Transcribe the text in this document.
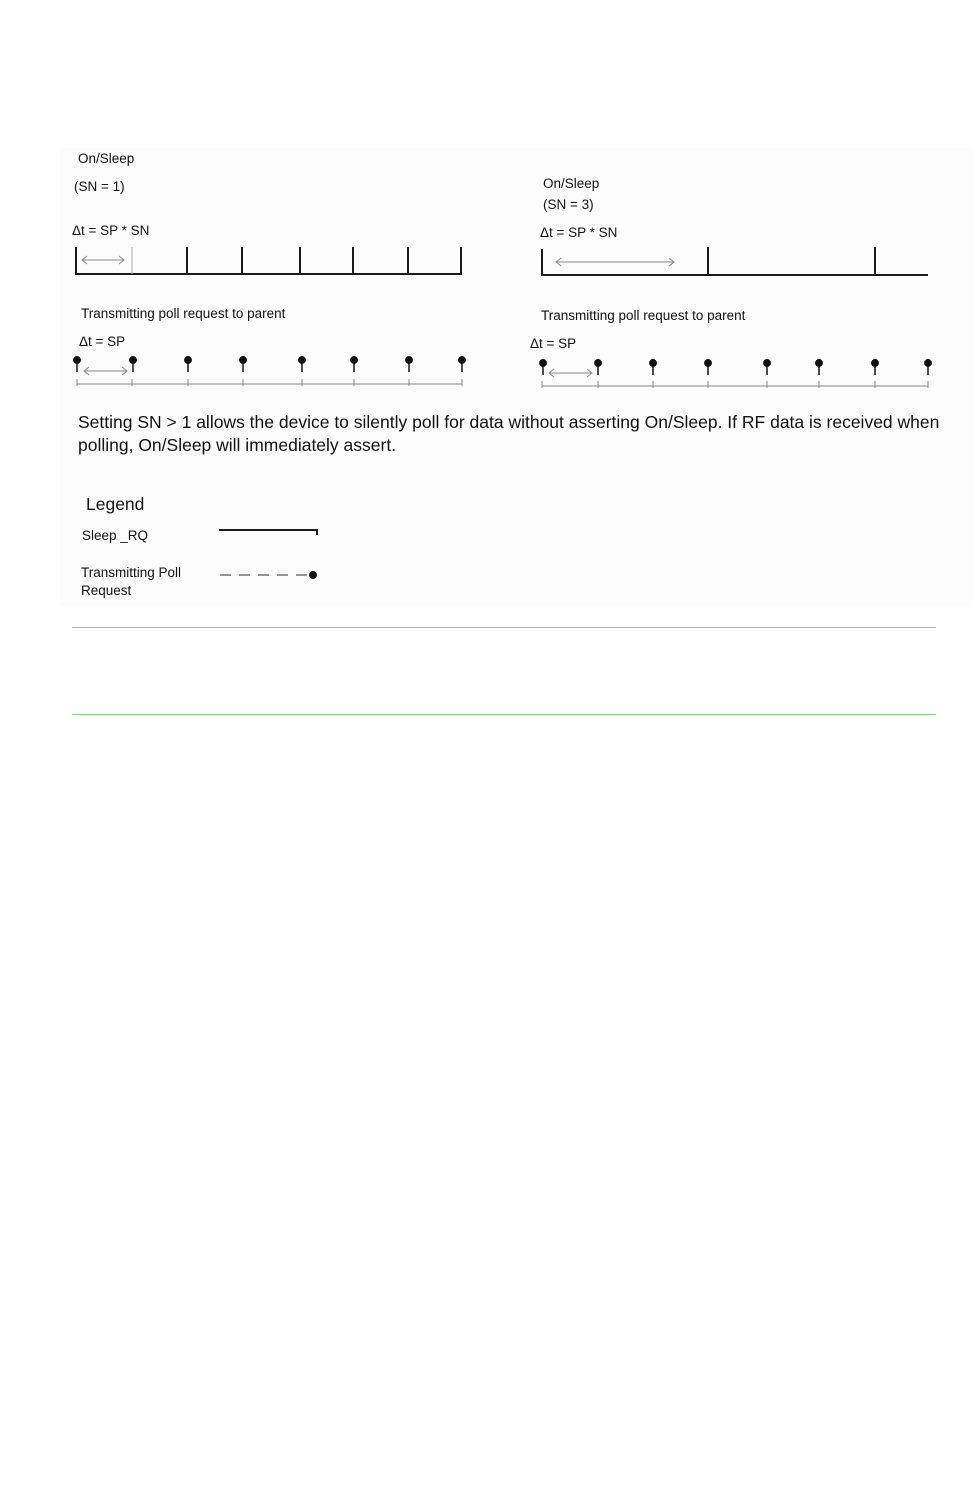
On/Sleep
(SN = 1)
Δt = SP * SN
Transmitting poll request to parent
Δt = SP
On/Sleep
(SN = 3)
Δt = SP * SN
Transmitting poll request to parent
Δt = SP
Setting SN > 1 allows the device to silently poll for data without asserting On/Sleep. If RF data is received when polling, On/Sleep will immediately assert.
Legend
Sleep _RQ
Transmitting Poll Request
